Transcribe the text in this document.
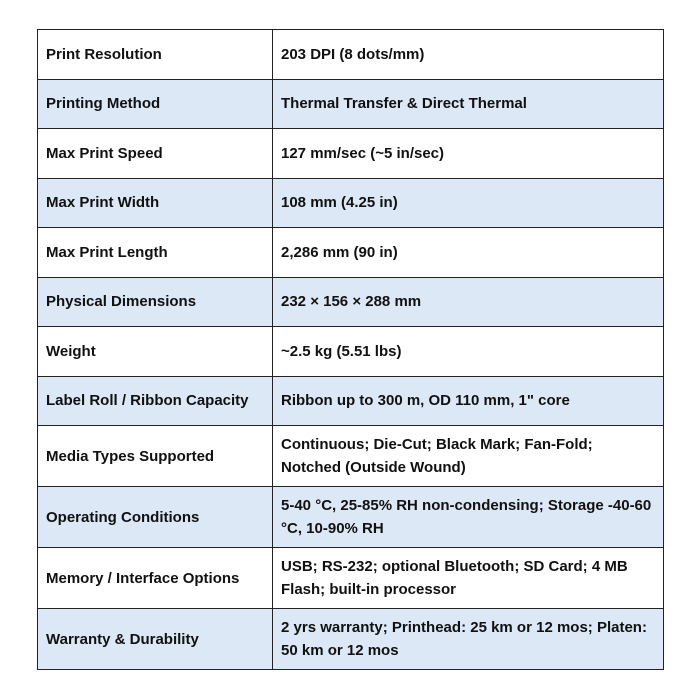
Print Resolution	203 DPI (8 dots/mm)
Printing Method	Thermal Transfer & Direct Thermal
Max Print Speed	127 mm/sec (~5 in/sec)
Max Print Width	108 mm (4.25 in)
Max Print Length	2,286 mm (90 in)
Physical Dimensions	232 × 156 × 288 mm
Weight	~2.5 kg (5.51 lbs)
Label Roll / Ribbon Capacity	Ribbon up to 300 m, OD 110 mm, 1" core
Media Types Supported	Continuous; Die-Cut; Black Mark; Fan-Fold; Notched (Outside Wound)
Operating Conditions	5-40 °C, 25-85% RH non-condensing; Storage -40-60 °C, 10-90% RH
Memory / Interface Options	USB; RS-232; optional Bluetooth; SD Card; 4 MB Flash; built-in processor
Warranty & Durability	2 yrs warranty; Printhead: 25 km or 12 mos; Platen: 50 km or 12 mos
